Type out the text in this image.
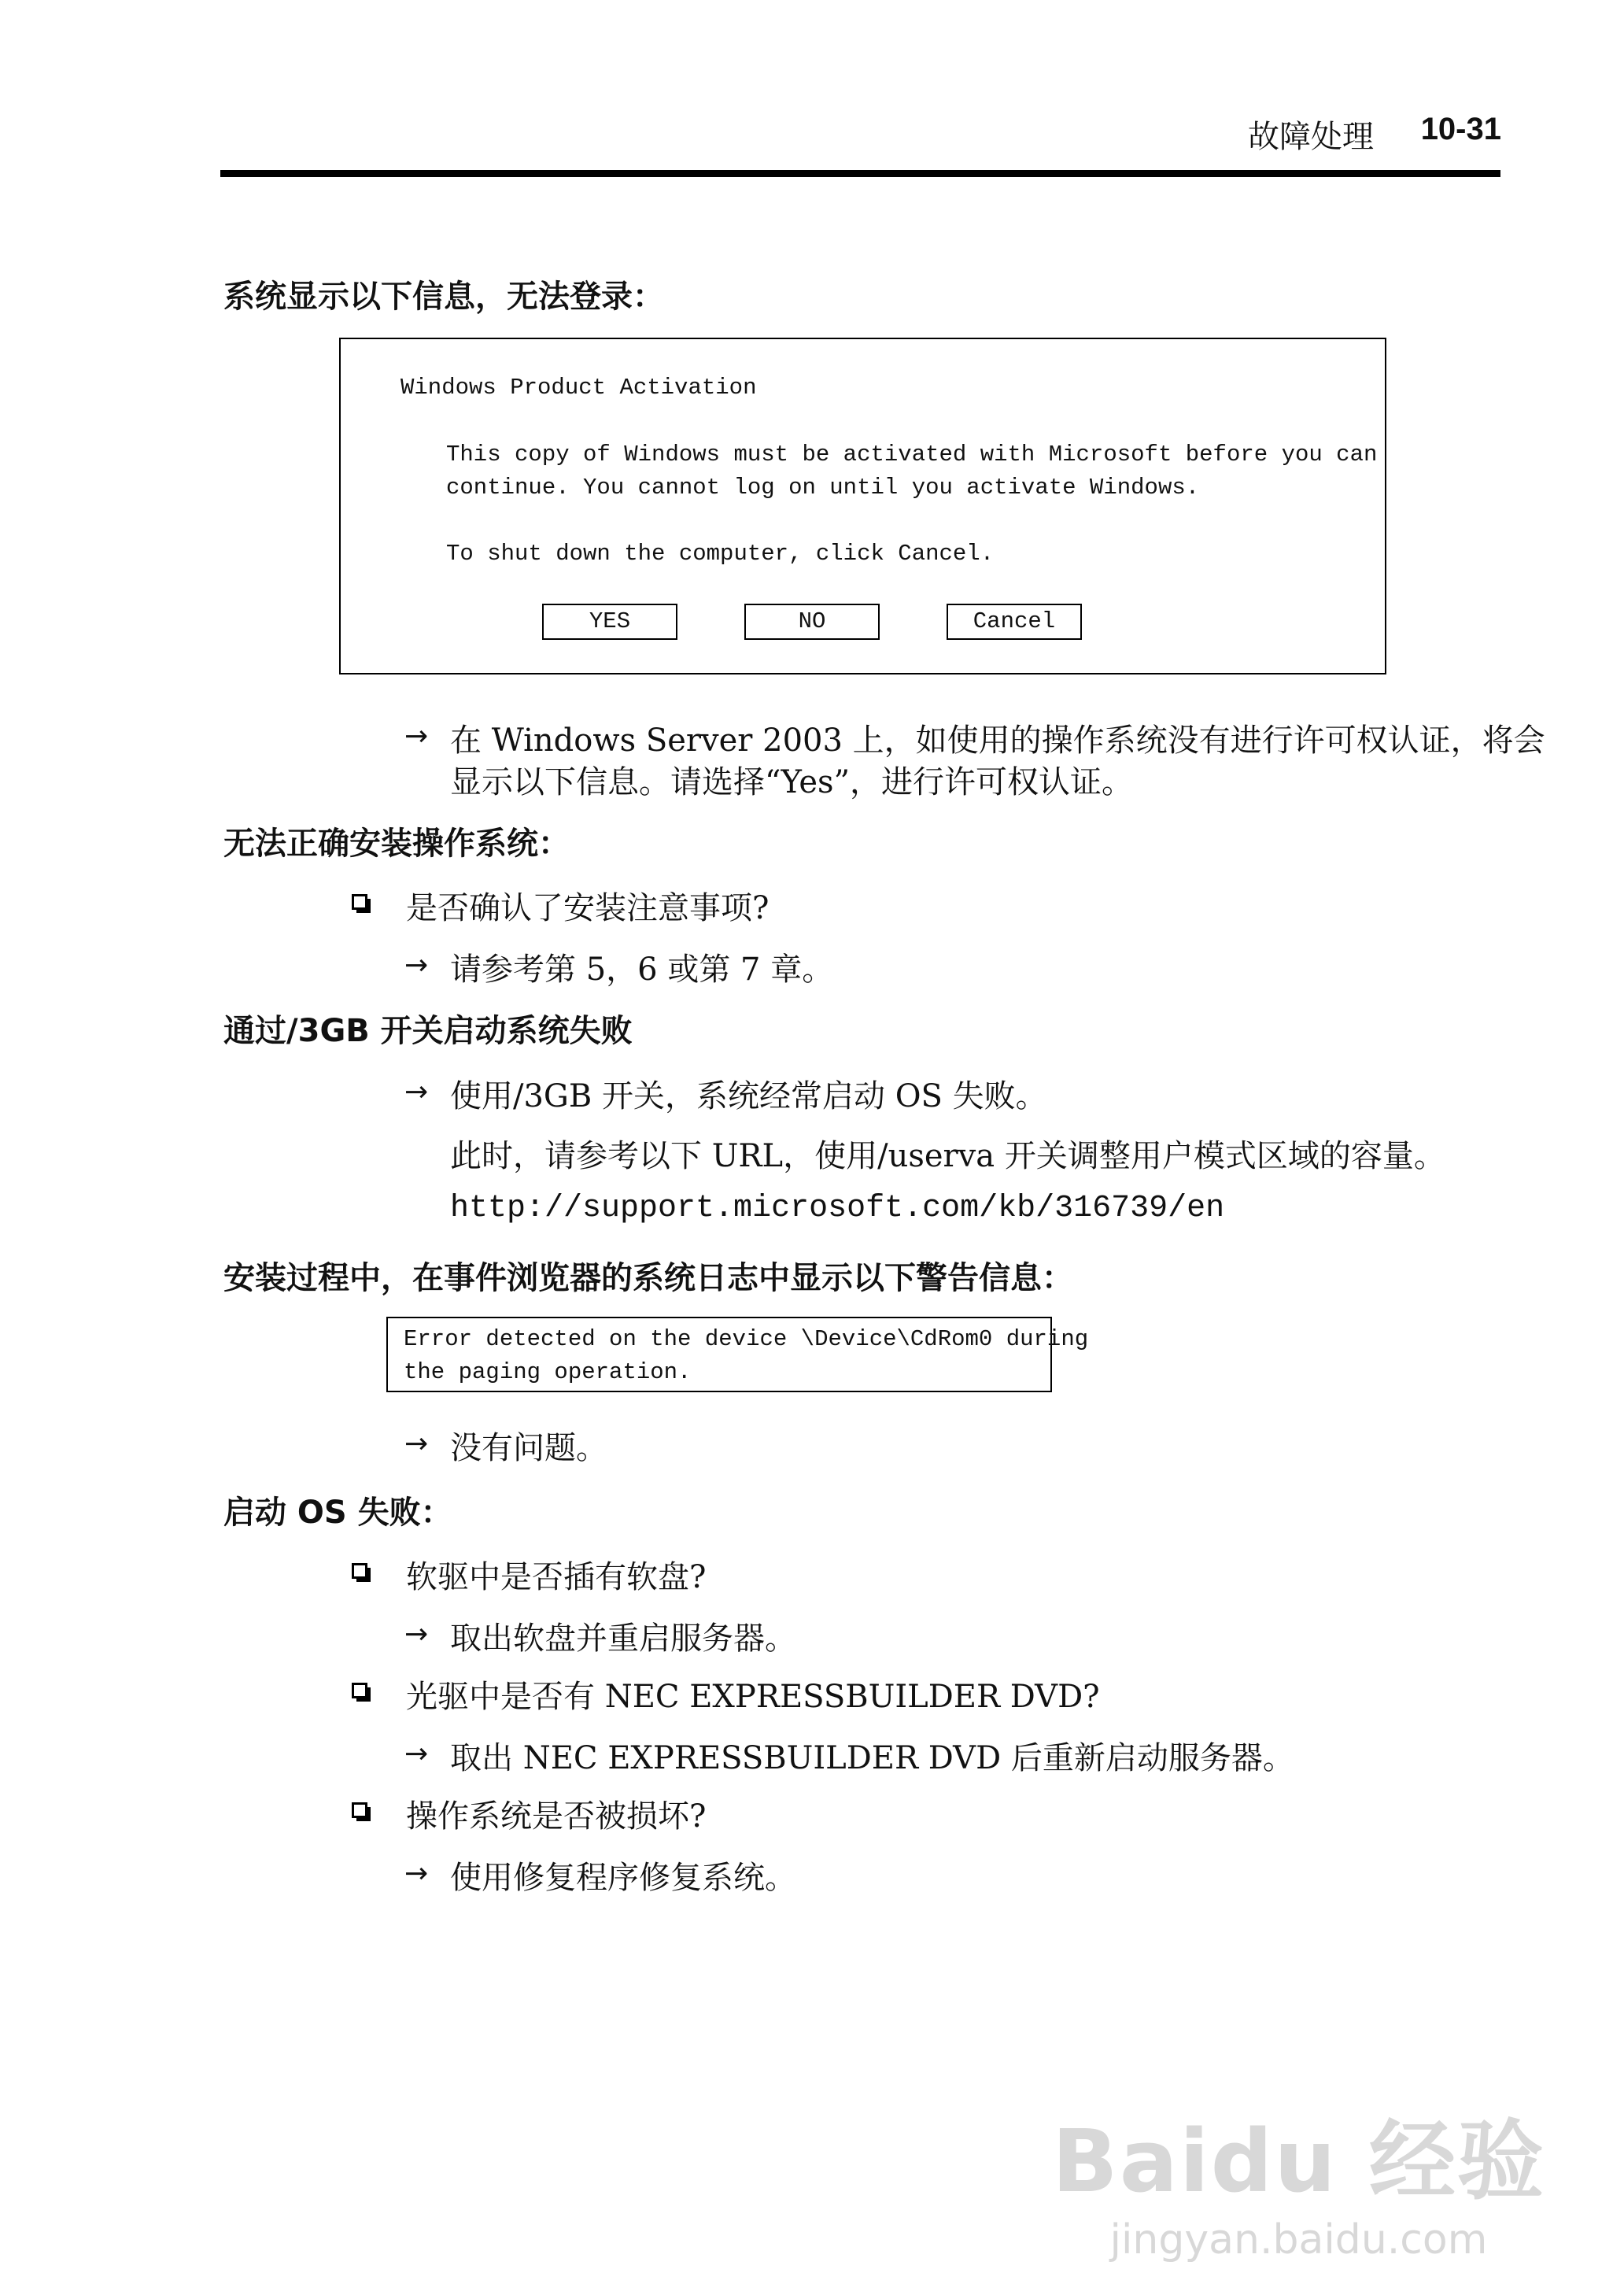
故障处理 10-31
系统显示以下信息，无法登录：
Windows Product Activation
This copy of Windows must be activated with Microsoft before you can
continue. You cannot log on until you activate Windows.
To shut down the computer, click Cancel.
YES	NO	Cancel
→ 在 Windows Server 2003 上，如使用的操作系统没有进行许可权认证，将会
显示以下信息。请选择“Yes”，进行许可权认证。
无法正确安装操作系统：
是否确认了安装注意事项?
→ 请参考第 5，6 或第 7 章。
通过/3GB 开关启动系统失败
→ 使用/3GB 开关，系统经常启动 OS 失败。
此时，请参考以下 URL，使用/userva 开关调整用户模式区域的容量。
http://support.microsoft.com/kb/316739/en
安装过程中，在事件浏览器的系统日志中显示以下警告信息：
Error detected on the device \Device\CdRom0 during
the paging operation.
→ 没有问题。
启动 OS 失败：
软驱中是否插有软盘?
→ 取出软盘并重启服务器。
光驱中是否有 NEC EXPRESSBUILDER DVD?
→ 取出 NEC EXPRESSBUILDER DVD 后重新启动服务器。
操作系统是否被损坏?
→ 使用修复程序修复系统。
Baidu 经验
jingyan.baidu.com
